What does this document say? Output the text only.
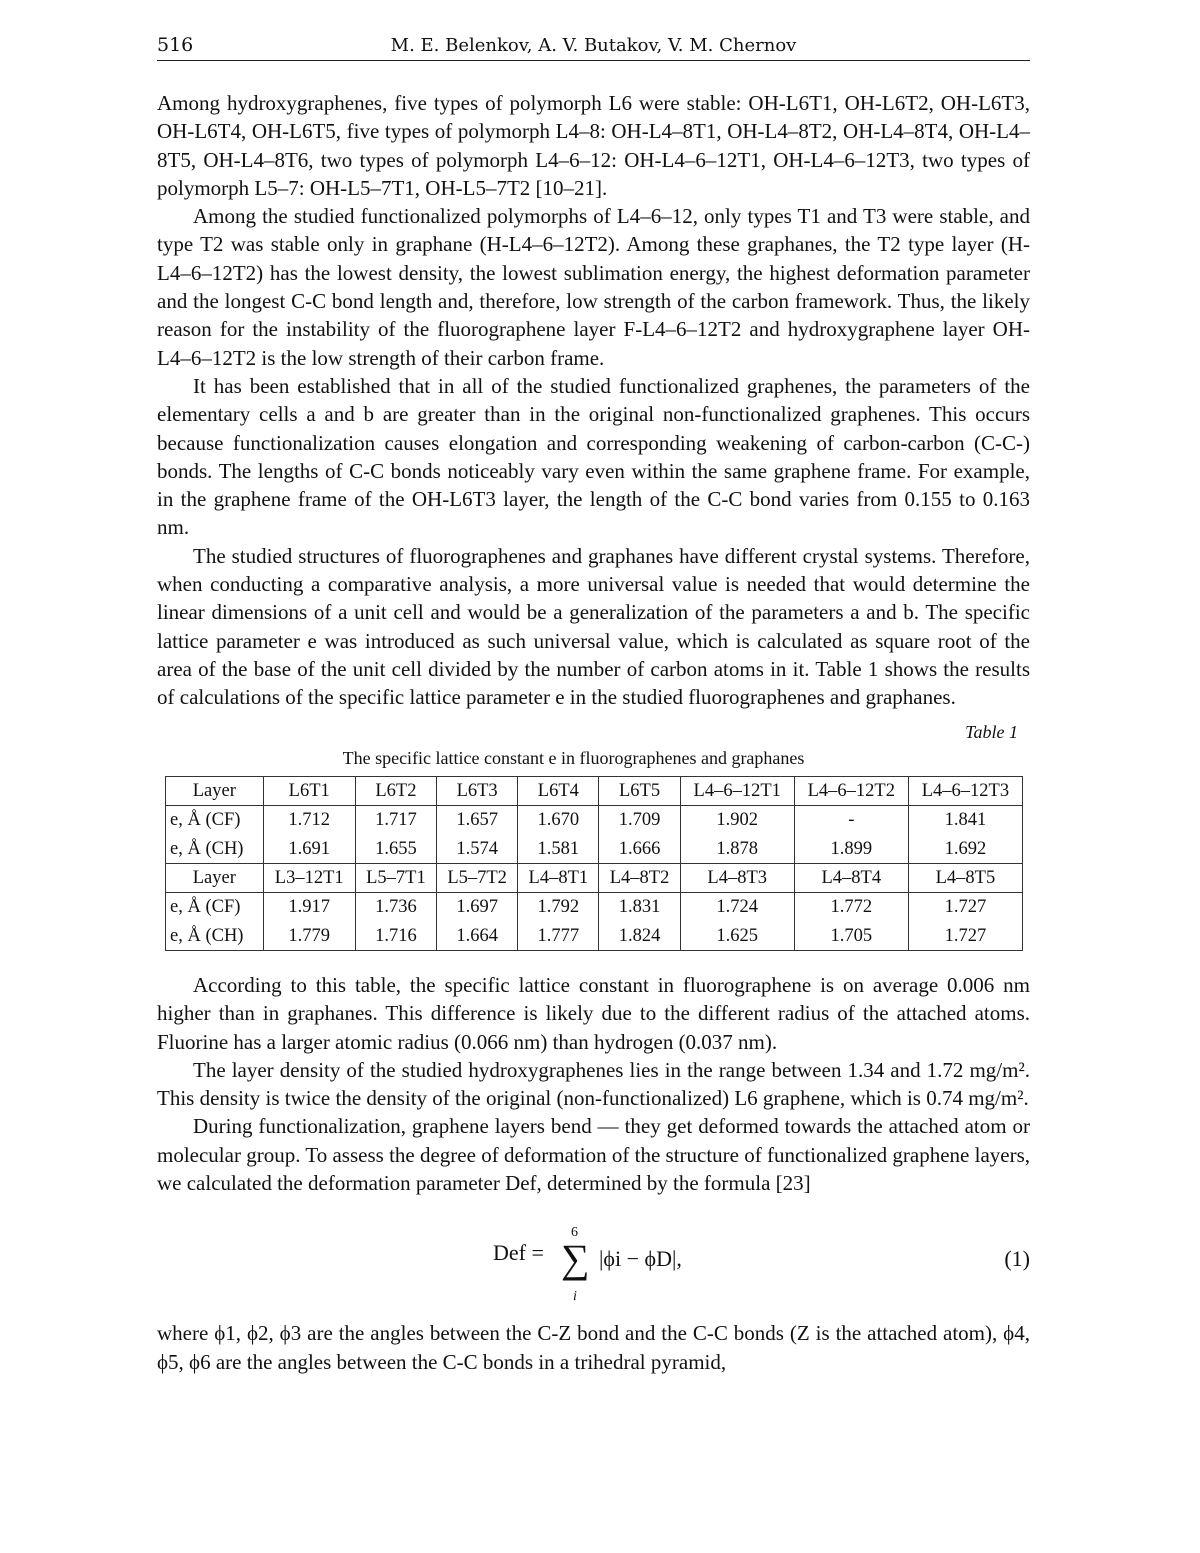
516	M. E. Belenkov, A. V. Butakov, V. M. Chernov

Among hydroxygraphenes, five types of polymorph L6 were stable: OH-L6T1, OH-L6T2, OH-L6T3, OH-L6T4, OH-L6T5, five types of polymorph L4–8: OH-L4–8T1, OH-L4–8T2, OH-L4–8T4, OH-L4–8T5, OH-L4–8T6, two types of polymorph L4–6–12: OH-L4–6–12T1, OH-L4–6–12T3, two types of polymorph L5–7: OH-L5–7T1, OH-L5–7T2 [10–21].

Among the studied functionalized polymorphs of L4–6–12, only types T1 and T3 were stable, and type T2 was stable only in graphane (H-L4–6–12T2). Among these graphanes, the T2 type layer (H-L4–6–12T2) has the lowest density, the lowest sublimation energy, the highest deformation parameter and the longest C-C bond length and, therefore, low strength of the carbon framework. Thus, the likely reason for the instability of the fluorographene layer F-L4–6–12T2 and hydroxygraphene layer OH-L4–6–12T2 is the low strength of their carbon frame.

It has been established that in all of the studied functionalized graphenes, the parameters of the elementary cells a and b are greater than in the original non-functionalized graphenes. This occurs because functionalization causes elongation and corresponding weakening of carbon-carbon (C-C-) bonds. The lengths of C-C bonds noticeably vary even within the same graphene frame. For example, in the graphene frame of the OH-L6T3 layer, the length of the C-C bond varies from 0.155 to 0.163 nm.

The studied structures of fluorographenes and graphanes have different crystal systems. Therefore, when conducting a comparative analysis, a more universal value is needed that would determine the linear dimensions of a unit cell and would be a generalization of the parameters a and b. The specific lattice parameter e was introduced as such universal value, which is calculated as square root of the area of the base of the unit cell divided by the number of carbon atoms in it. Table 1 shows the results of calculations of the specific lattice parameter e in the studied fluorographenes and graphanes.

Table 1
The specific lattice constant e in fluorographenes and graphanes
Layer	L6T1	L6T2	L6T3	L6T4	L6T5	L4–6–12T1	L4–6–12T2	L4–6–12T3
e, Å (CF)	1.712	1.717	1.657	1.670	1.709	1.902	-	1.841
e, Å (CH)	1.691	1.655	1.574	1.581	1.666	1.878	1.899	1.692
Layer	L3–12T1	L5–7T1	L5–7T2	L4–8T1	L4–8T2	L4–8T3	L4–8T4	L4–8T5
e, Å (CF)	1.917	1.736	1.697	1.792	1.831	1.724	1.772	1.727
e, Å (CH)	1.779	1.716	1.664	1.777	1.824	1.625	1.705	1.727

According to this table, the specific lattice constant in fluorographene is on average 0.006 nm higher than in graphanes. This difference is likely due to the different radius of the attached atoms. Fluorine has a larger atomic radius (0.066 nm) than hydrogen (0.037 nm).

The layer density of the studied hydroxygraphenes lies in the range between 1.34 and 1.72 mg/m². This density is twice the density of the original (non-functionalized) L6 graphene, which is 0.74 mg/m².

During functionalization, graphene layers bend — they get deformed towards the attached atom or molecular group. To assess the degree of deformation of the structure of functionalized graphene layers, we calculated the deformation parameter Def, determined by the formula [23]

Def =
6
∑
i
|ϕi − ϕD|,	(1)

where ϕ1, ϕ2, ϕ3 are the angles between the C-Z bond and the C-C bonds (Z is the attached atom), ϕ4, ϕ5, ϕ6 are the angles between the C-C bonds in a trihedral pyramid,
